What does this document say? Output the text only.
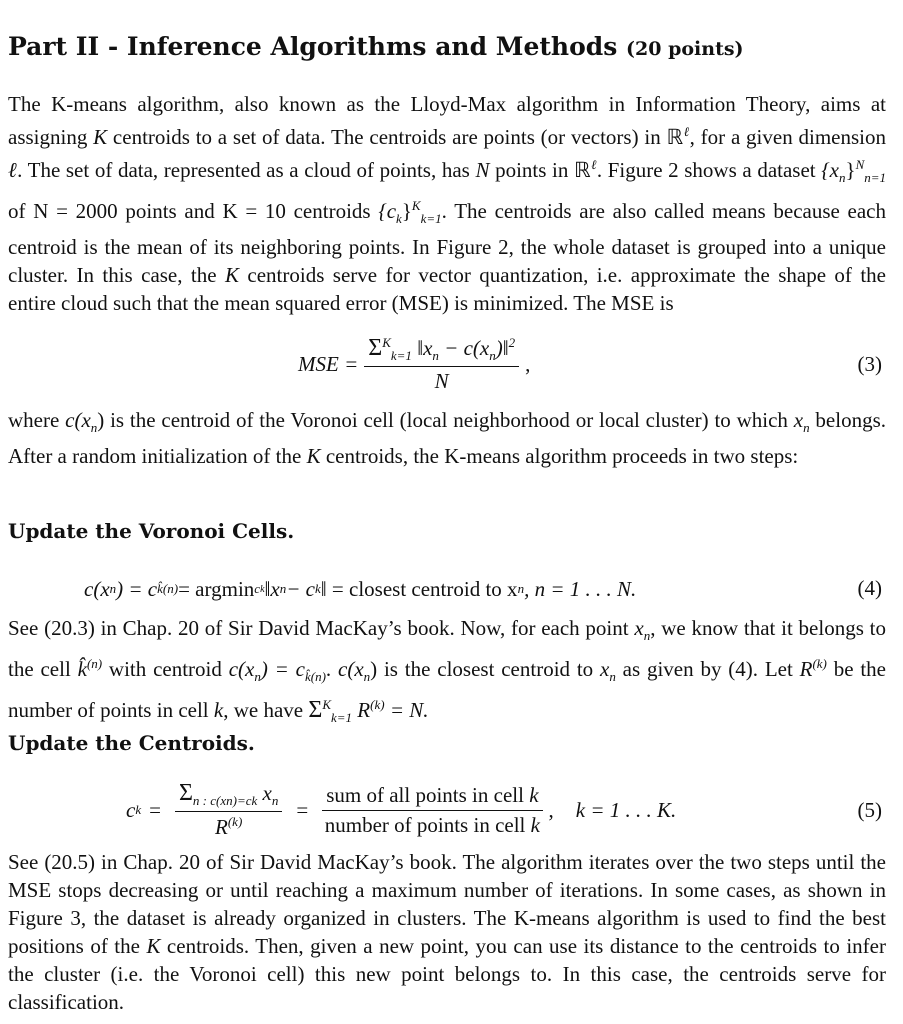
Part II - Inference Algorithms and Methods (20 points)

The K-means algorithm, also known as the Lloyd-Max algorithm in Information Theory, aims at assigning K centroids to a set of data. The centroids are points (or vectors) in ℝ$^\ell$, for a given dimension ℓ. The set of data, represented as a cloud of points, has N points in ℝ$^\ell$. Figure 2 shows a dataset $\{x_n\}^N_{n=1}$ of N = 2000 points and K = 10 centroids $\{c_k\}^K_{k=1}$. The centroids are also called means because each centroid is the mean of its neighboring points. In Figure 2, the whole dataset is grouped into a unique cluster. In this case, the K centroids serve for vector quantization, i.e. approximate the shape of the entire cloud such that the mean squared error (MSE) is minimized. The MSE is

MSE = $\frac{\Sigma^K_{k=1} ‖x_n - c(x_n)‖^2}{N}$ ,	(3)

where $c(x_n)$ is the centroid of the Voronoi cell (local neighborhood or local cluster) to which $x_n$ belongs. After a random initialization of the K centroids, the K-means algorithm proceeds in two steps:

Update the Voronoi Cells.
c(x n ) = c k̂(n) = argmin c k ‖x n − c k ‖ = closest centroid to x n , n = 1 . . . N.	(4)

See (20.3) in Chap. 20 of Sir David MacKay’s book. Now, for each point $x_n$, we know that it belongs to the cell k̂$^{(n)}$ with centroid $c(x_n) = c_{k̂(n)}$. $c(x_n)$ is the closest centroid to $x_n$ as given by (4). Let $R^{(k)}$ be the number of points in cell k, we have $\Sigma^K_{k=1}$ $R^{(k)} = N$.

Update the Centroids.
c $k = \frac{\Sigma_{n : c(xn)=ck} x_n}{R^{(k)}} = \frac{\text{sum of all points in cell k}}{\text{number of points in cell k}}$ , k = 1 . . . K.	(5)

See (20.5) in Chap. 20 of Sir David MacKay’s book. The algorithm iterates over the two steps until the MSE stops decreasing or until reaching a maximum number of iterations. In some cases, as shown in Figure 3, the dataset is already organized in clusters. The K-means algorithm is used to find the best positions of the K centroids. Then, given a new point, you can use its distance to the centroids to infer the cluster (i.e. the Voronoi cell) this new point belongs to. In this case, the centroids serve for classification.
